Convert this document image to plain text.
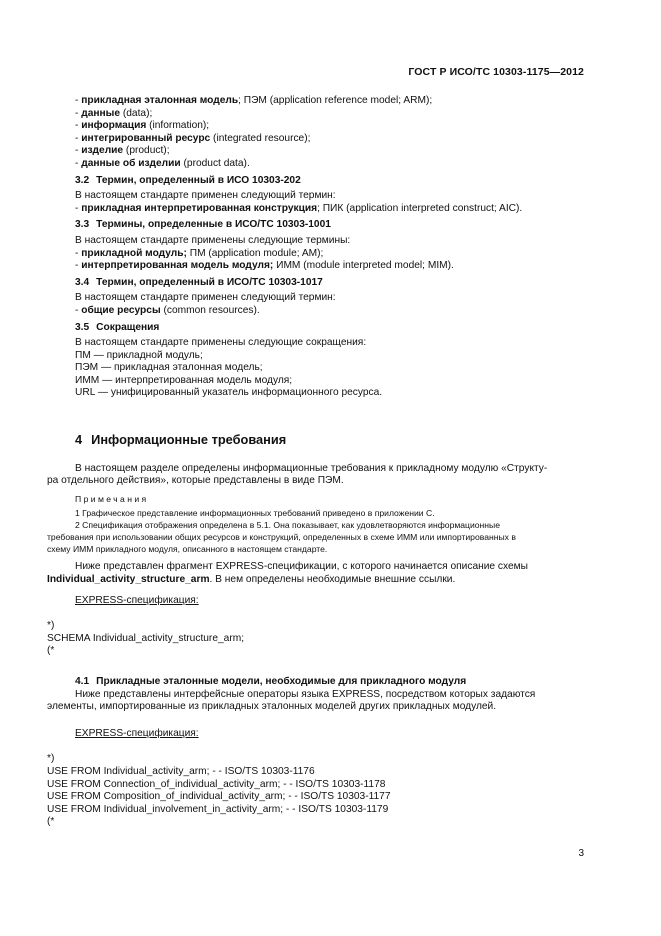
ГОСТ Р ИСО/ТС 10303-1175—2012

- прикладная эталонная модель; ПЭМ (application reference model; ARM);

- данные (data);

- информация (information);

- интегрированный ресурс (integrated resource);

- изделие (product);

- данные об изделии (product data).

3.2 Термин, определенный в ИСО 10303-202

В настоящем стандарте применен следующий термин:

- прикладная интерпретированная конструкция; ПИК (application interpreted construct; AIC).

3.3 Термины, определенные в ИСО/ТС 10303-1001

В настоящем стандарте применены следующие термины:

- прикладной модуль; ПМ (application module; AM);

- интерпретированная модель модуля; ИММ (module interpreted model; MIM).

3.4 Термин, определенный в ИСО/ТС 10303-1017

В настоящем стандарте применен следующий термин:

- общие ресурсы (common resources).

3.5 Сокращения

В настоящем стандарте применены следующие сокращения:

ПМ — прикладной модуль;

ПЭМ — прикладная эталонная модель;

ИММ — интерпретированная модель модуля;

URL — унифицированный указатель информационного ресурса.

4 Информационные требования

В настоящем разделе определены информационные требования к прикладному модулю «Структу-

ра отдельного действия», которые представлены в виде ПЭМ.

Примечания

1 Графическое представление информационных требований приведено в приложении С.

2 Спецификация отображения определена в 5.1. Она показывает, как удовлетворяются информационные

требования при использовании общих ресурсов и конструкций, определенных в схеме ИММ или импортированных в

схему ИММ прикладного модуля, описанного в настоящем стандарте.

Ниже представлен фрагмент EXPRESS-спецификации, с которого начинается описание схемы

Individual_activity_structure_arm. В нем определены необходимые внешние ссылки.

EXPRESS-спецификация:

*)

SCHEMA Individual_activity_structure_arm;

(*

4.1 Прикладные эталонные модели, необходимые для прикладного модуля

Ниже представлены интерфейсные операторы языка EXPRESS, посредством которых задаются

элементы, импортированные из прикладных эталонных моделей других прикладных модулей.

EXPRESS-спецификация:

*)

USE FROM Individual_activity_arm; - - ISO/TS 10303-1176

USE FROM Connection_of_individual_activity_arm; - - ISO/TS 10303-1178

USE FROM Composition_of_individual_activity_arm; - - ISO/TS 10303-1177

USE FROM Individual_involvement_in_activity_arm; - - ISO/TS 10303-1179

(*

3
